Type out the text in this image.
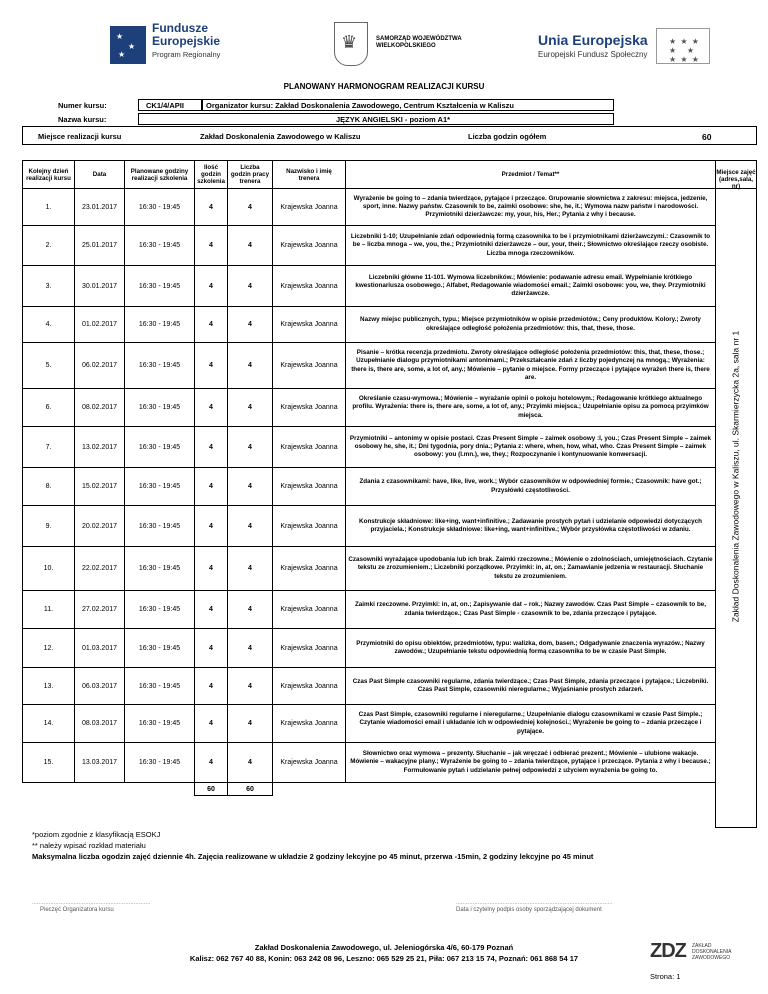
★
★
★
Fundusze
Europejskie
Program Regionalny
♛	SAMORZĄD WOJEWÓDZTWA
WIELKOPOLSKIEGO	Unia Europejska
Europejski Fundusz Społeczny
★ ★ ★
★   ★
★ ★ ★
PLANOWANY HARMONOGRAM REALIZACJI KURSU
Numer kursu:	CK1/4/APII	Organizator kursu: Zakład Doskonalenia Zawodowego, Centrum Kształcenia w Kaliszu
Nazwa kursu:	JĘZYK ANGIELSKI - poziom A1*
Miejsce realizacji kursu	Zakład Doskonalenia Zawodowego w Kaliszu	Liczba godzin ogółem	60
Kolejny dzień realizacji kursu	Data	Planowane godziny realizacji szkolenia	Ilość godzin szkolenia	Liczba godzin pracy trenera	Nazwisko i imię trenera	Przedmiot / Temat**
1.	23.01.2017	16:30 - 19:45	4	4	Krajewska Joanna	Wyrażenie be going to – zdania twierdzące, pytające i przeczące. Grupowanie słownictwa z zakresu: miejsca, jedzenie, sport, inne. Nazwy państw. Czasownik to be, zaimki osobowe: she, he, it.; Wymowa nazw państw i narodowości. Przymiotniki dzierżawcze: my, your, his, Her.; Pytania z why i because.
2.	25.01.2017	16:30 - 19:45	4	4	Krajewska Joanna	Liczebniki 1-10; Uzupełnianie zdań odpowiednią formą czasownika to be i przymiotnikami dzierżawczymi.: Czasownik to be – liczba mnoga – we, you, the.; Przymiotniki dzierżawcze – our, your, their.; Słownictwo określające rzeczy osobiste. Liczba mnoga rzeczowników.
3.	30.01.2017	16:30 - 19:45	4	4	Krajewska Joanna	Liczebniki główne 11-101. Wymowa liczebników.; Mówienie: podawanie adresu email. Wypełnianie krótkiego kwestionariusza osobowego.; Alfabet, Redagowanie wiadomości email.; Zaimki osobowe: you, we, they. Przymiotniki dzierżawcze.
4.	01.02.2017	16:30 - 19:45	4	4	Krajewska Joanna	Nazwy miejsc publicznych, typu.; Miejsce przymiotników w opisie przedmiotów.; Ceny produktów. Kolory.; Zwroty określające odległość położenia przedmiotów: this, that, these, those.
5.	06.02.2017	16:30 - 19:45	4	4	Krajewska Joanna	Pisanie – krótka recenzja przedmiotu. Zwroty określające odległość położenia przedmiotów: this, that, these, those.; Uzupełnianie dialogu przymiotnikami antonimami.; Przekształcanie zdań z liczby pojedynczej na mnogą.; Wyrażenia: there is, there are, some, a lot of, any.; Mówienie – pytanie o miejsce. Formy przeczące i pytające wyrażeń there is, there are.
6.	08.02.2017	16:30 - 19:45	4	4	Krajewska Joanna	Określanie czasu-wymowa.; Mówienie – wyrażanie opinii o pokoju hotelowym.; Redagowanie krótkiego aktualnego profilu. Wyrażenia: there is, there are, some, a lot of, any.; Przyimki miejsca.; Uzupełnianie opisu za pomocą przyimków miejsca.
7.	13.02.2017	16:30 - 19:45	4	4	Krajewska Joanna	Przymiotniki – antonimy w opisie postaci. Czas Present Simple – zaimek osobowy :I, you.; Czas Present Simple – zaimek osobowy he, she, it.; Dni tygodnia, pory dnia.; Pytania z: where, when, how, what, who. Czas Present Simple – zaimek osobowy: you (l.mn.), we, they.; Rozpoczynanie i kontynuowanie konwersacji.
8.	15.02.2017	16:30 - 19:45	4	4	Krajewska Joanna	Zdania z czasownikami: have, like, live, work.; Wybór czasowników w odpowiedniej formie.; Czasownik: have got.; Przysłówki częstotliwości.
9.	20.02.2017	16:30 - 19:45	4	4	Krajewska Joanna	Konstrukcje składniowe: like+ing, want+infinitive.; Zadawanie prostych pytań i udzielanie odpowiedzi dotyczących przyjaciela.; Konstrukcje składniowe: like+ing, want+infinitive.; Wybór przysłówka częstotliwości w zdaniu.
10.	22.02.2017	16:30 - 19:45	4	4	Krajewska Joanna	Czasowniki wyrażające upodobania lub ich brak. Zaimki rzeczowne.; Mówienie o zdolnościach, umiejętnościach. Czytanie tekstu ze zrozumieniem.; Liczebniki porządkowe. Przyimki: in, at, on.; Zamawianie jedzenia w restauracji. Słuchanie tekstu ze zrozumieniem.
11.	27.02.2017	16:30 - 19:45	4	4	Krajewska Joanna	Zaimki rzeczowne. Przyimki: in, at, on.; Zapisywanie dat – rok.; Nazwy zawodów. Czas Past Simple – czasownik to be, zdania twierdzące.; Czas Past Simple - czasownik to be, zdania przeczące i pytające.
12.	01.03.2017	16:30 - 19:45	4	4	Krajewska Joanna	Przymiotniki do opisu obiektów, przedmiotów, typu: walizka, dom, basen.; Odgadywanie znaczenia wyrazów.; Nazwy zawodów.; Uzupełnianie tekstu odpowiednią formą czasownika to be w czasie Past Simple.
13.	06.03.2017	16:30 - 19:45	4	4	Krajewska Joanna	Czas Past Simple czasowniki regularne, zdania twierdzące.; Czas Past Simple, zdania przeczące i pytające.; Liczebniki. Czas Past Simple, czasowniki nieregularne.; Wyjaśnianie prostych zdarzeń.
14.	08.03.2017	16:30 - 19:45	4	4	Krajewska Joanna	Czas Past Simple, czasowniki regularne i nieregularne.; Uzupełnianie dialogu czasownikami w czasie Past Simple.; Czytanie wiadomości email i układanie ich w odpowiedniej kolejności.; Wyrażenie be going to – zdania przeczące i pytające.
15.	13.03.2017	16:30 - 19:45	4	4	Krajewska Joanna	Słownictwo oraz wymowa – prezenty. Słuchanie – jak wręczać i odbierać prezent.; Mówienie – ulubione wakacje. Mówienie – wakacyjne plany.; Wyrażenie be going to – zdania twierdzące, pytające i przeczące. Pytania z why i because.; Formułowanie pytań i udzielanie pełnej odpowiedzi z użyciem wyrażenia be going to.
			60	60		
Miejsce zajęć (adres,sala, nr)
Zakład Doskonalenia Zawodowego w Kaliszu, ul. Skarmierzycka 2a, sala nr 1
*poziom zgodnie z klasyfikacją ESOKJ
** należy wpisać rozkład materiału
Maksymalna liczba ogodzin zajęć dziennie 4h. Zajęcia realizowane w układzie 2 godziny lekcyjne po 45 minut, przerwa -15min, 2 godziny lekcyjne po 45 minut
.......................................................................
Pieczęć Organizatora kursu
..............................................................................................
Data i czytelny podpis osoby sporządzającej dokument
Zakład Doskonalenia Zawodowego, ul. Jeleniogórska 4/6, 60-179 Poznań
Kalisz: 062 767 40 88, Konin: 063 242 08 96, Leszno: 065 529 25 21, Piła: 067 213 15 74, Poznań: 061 868 54 17	ZDZ ZAKŁAD
DOSKONALENIA
ZAWODOWEGO
Strona: 1
